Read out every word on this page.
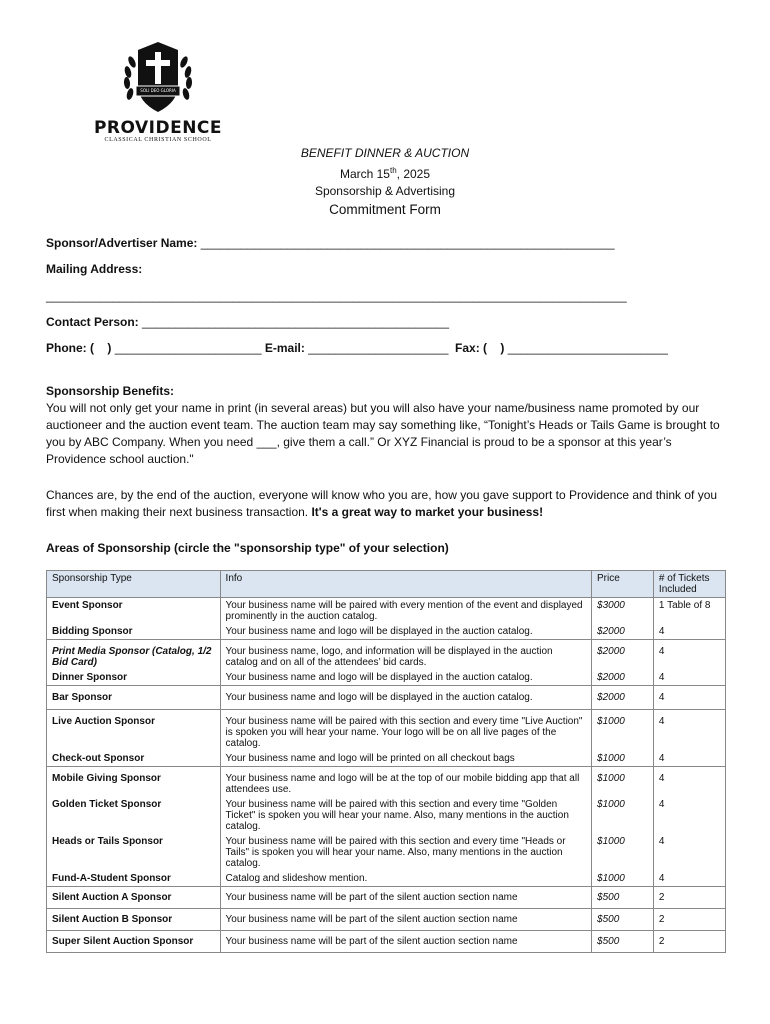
SOLI DEO GLORIA
PROVIDENCE
CLASSICAL CHRISTIAN SCHOOL
BENEFIT DINNER & AUCTION
March 15th, 2025
Sponsorship & Advertising
Commitment Form
Sponsor/Advertiser Name: ______________________________________________________________
Mailing Address:
_______________________________________________________________________________________
Contact Person: ______________________________________________
Phone: ( ) ______________________ E-mail: _____________________ Fax: ( ) ________________________
Sponsorship Benefits:
You will not only get your name in print (in several areas) but you will also have your name/business name promoted by our auctioneer and the auction event team. The auction team may say something like, “Tonight’s Heads or Tails Game is brought to you by ABC Company. When you need ___, give them a call.” Or XYZ Financial is proud to be a sponsor at this year’s Providence school auction."
Chances are, by the end of the auction, everyone will know who you are, how you gave support to Providence and think of you first when making their next business transaction. It's a great way to market your business!
Areas of Sponsorship (circle the "sponsorship type" of your selection)
Sponsorship Type	Info	Price	# of Tickets Included
Event Sponsor	Your business name will be paired with every mention of the event and displayed prominently in the auction catalog.	$3000	1 Table of 8
Bidding Sponsor	Your business name and logo will be displayed in the auction catalog.	$2000	4
Print Media Sponsor (Catalog, 1/2 Bid Card)	Your business name, logo, and information will be displayed in the auction catalog and on all of the attendees’ bid cards.	$2000	4
Dinner Sponsor	Your business name and logo will be displayed in the auction catalog.	$2000	4
Bar Sponsor	Your business name and logo will be displayed in the auction catalog.	$2000	4
Live Auction Sponsor	Your business name will be paired with this section and every time "Live Auction" is spoken you will hear your name. Your logo will be on all live pages of the catalog.	$1000	4
Check-out Sponsor	Your business name and logo will be printed on all checkout bags	$1000	4
Mobile Giving Sponsor	Your business name and logo will be at the top of our mobile bidding app that all attendees use.	$1000	4
Golden Ticket Sponsor	Your business name will be paired with this section and every time "Golden Ticket" is spoken you will hear your name. Also, many mentions in the auction catalog.	$1000	4
Heads or Tails Sponsor	Your business name will be paired with this section and every time "Heads or Tails" is spoken you will hear your name. Also, many mentions in the auction catalog.	$1000	4
Fund-A-Student Sponsor	Catalog and slideshow mention.	$1000	4
Silent Auction A Sponsor	Your business name will be part of the silent auction section name	$500	2
Silent Auction B Sponsor	Your business name will be part of the silent auction section name	$500	2
Super Silent Auction Sponsor	Your business name will be part of the silent auction section name	$500	2
